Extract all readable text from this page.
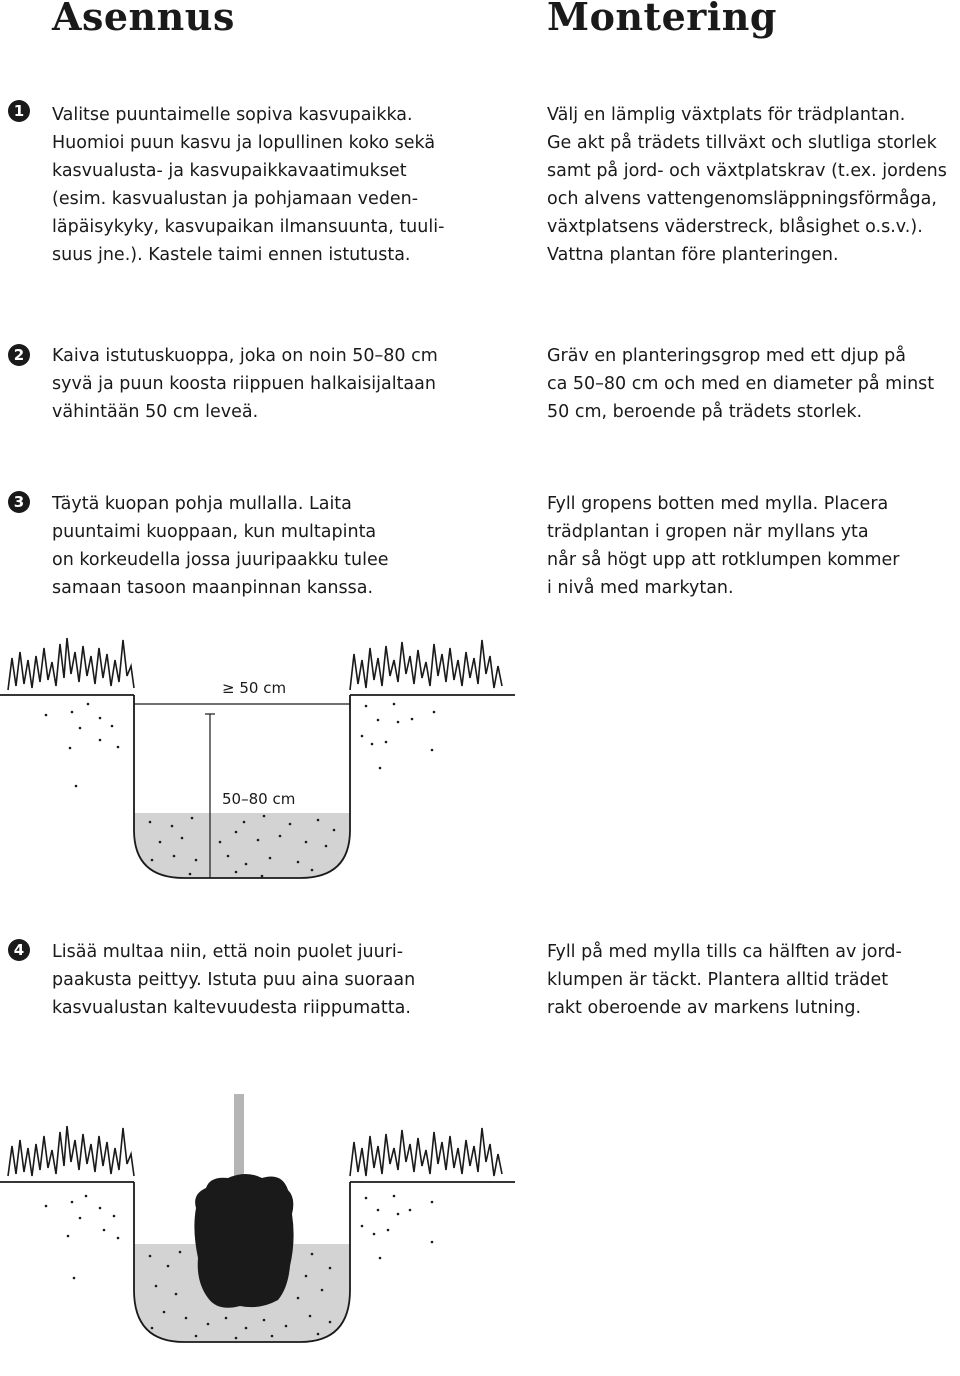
Asennus	Montering
1	Valitse puuntaimelle sopiva kasvupaikka.
Huomioi puun kasvu ja lopullinen koko sekä
kasvualusta- ja kasvupaikkavaatimukset
(esim. kasvualustan ja pohjamaan veden-
läpäisykyky, kasvupaikan ilmansuunta, tuuli-
suus jne.). Kastele taimi ennen istutusta.

Välj en lämplig växtplats för trädplantan.
Ge akt på trädets tillväxt och slutliga storlek
samt på jord- och växtplatskrav (t.ex. jordens
och alvens vattengenomsläppningsförmåga,
växtplatsens väderstreck, blåsighet o.s.v.).
Vattna plantan före planteringen.

2	Kaiva istutuskuoppa, joka on noin 50–80 cm
syvä ja puun koosta riippuen halkaisijaltaan
vähintään 50 cm leveä.

Gräv en planteringsgrop med ett djup på
ca 50–80 cm och med en diameter på minst
50 cm, beroende på trädets storlek.

3	Täytä kuopan pohja mullalla. Laita
puuntaimi kuoppaan, kun multapinta
on korkeudella jossa juuripaakku tulee
samaan tasoon maanpinnan kanssa.

Fyll gropens botten med mylla. Placera
trädplantan i gropen när myllans yta
når så högt upp att rotklumpen kommer
i nivå med markytan.

≥ 50 cm
50–80 cm
4	Lisää multaa niin, että noin puolet juuri-
paakusta peittyy. Istuta puu aina suoraan
kasvualustan kaltevuudesta riippumatta.

Fyll på med mylla tills ca hälften av jord-
klumpen är täckt. Plantera alltid trädet
rakt oberoende av markens lutning.
